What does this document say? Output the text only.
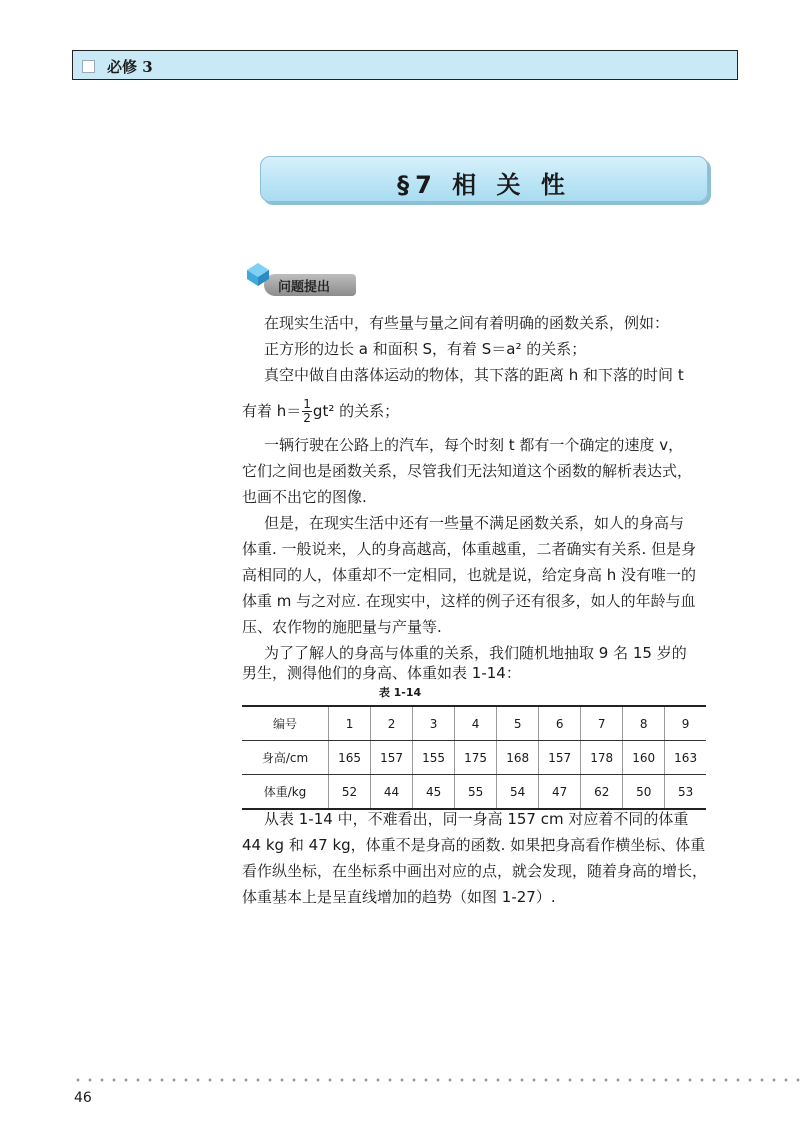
必修 3
§7 相 关 性
问题提出
在现实生活中，有些量与量之间有着明确的函数关系，例如：
正方形的边长 a 和面积 S，有着 S＝a² 的关系；
真空中做自由落体运动的物体，其下落的距离 h 和下落的时间 t
有着 $h= \frac{1}{2} gt^2$ 的关系；
一辆行驶在公路上的汽车，每个时刻 t 都有一个确定的速度 v，
它们之间也是函数关系，尽管我们无法知道这个函数的解析表达式，
也画不出它的图像.
但是，在现实生活中还有一些量不满足函数关系，如人的身高与
体重. 一般说来，人的身高越高，体重越重，二者确实有关系. 但是身
高相同的人，体重却不一定相同，也就是说，给定身高 h 没有唯一的
体重 m 与之对应. 在现实中，这样的例子还有很多，如人的年龄与血
压、农作物的施肥量与产量等.
为了了解人的身高与体重的关系，我们随机地抽取 9 名 15 岁的
男生，测得他们的身高、体重如表 1-14：
表 1-14
编号	1	2	3	4	5	6	7	8	9
身高/cm	165	157	155	175	168	157	178	160	163
体重/kg	52	44	45	55	54	47	62	50	53
从表 1-14 中，不难看出，同一身高 157 cm 对应着不同的体重
44 kg 和 47 kg，体重不是身高的函数. 如果把身高看作横坐标、体重
看作纵坐标，在坐标系中画出对应的点，就会发现，随着身高的增长，
体重基本上是呈直线增加的趋势（如图 1-27）.
46
